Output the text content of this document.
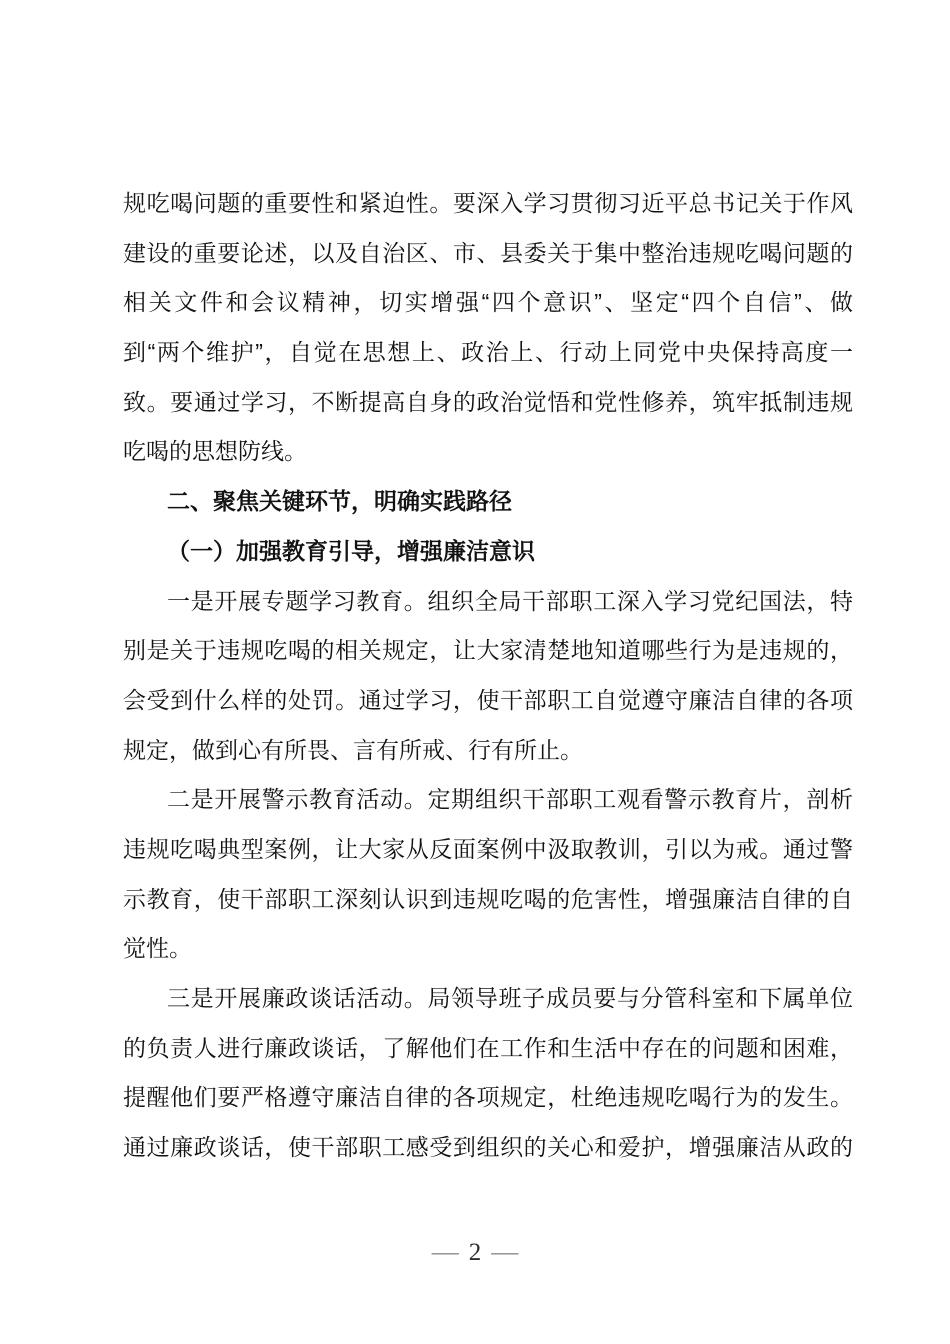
规吃喝问题的重要性和紧迫性。要深入学习贯彻习近平总书记关于作风
建设的重要论述，以及自治区、市、县委关于集中整治违规吃喝问题的
相关文件和会议精神，切实增强“四个意识”、坚定“四个自信”、做
到“两个维护”，自觉在思想上、政治上、行动上同党中央保持高度一
致。要通过学习，不断提高自身的政治觉悟和党性修养，筑牢抵制违规
吃喝的思想防线。
二、聚焦关键环节，明确实践路径
（一）加强教育引导，增强廉洁意识
一是开展专题学习教育。组织全局干部职工深入学习党纪国法，特
别是关于违规吃喝的相关规定，让大家清楚地知道哪些行为是违规的，
会受到什么样的处罚。通过学习，使干部职工自觉遵守廉洁自律的各项
规定，做到心有所畏、言有所戒、行有所止。
二是开展警示教育活动。定期组织干部职工观看警示教育片，剖析
违规吃喝典型案例，让大家从反面案例中汲取教训，引以为戒。通过警
示教育，使干部职工深刻认识到违规吃喝的危害性，增强廉洁自律的自
觉性。
三是开展廉政谈话活动。局领导班子成员要与分管科室和下属单位
的负责人进行廉政谈话，了解他们在工作和生活中存在的问题和困难，
提醒他们要严格遵守廉洁自律的各项规定，杜绝违规吃喝行为的发生。
通过廉政谈话，使干部职工感受到组织的关心和爱护，增强廉洁从政的
— 2 —
